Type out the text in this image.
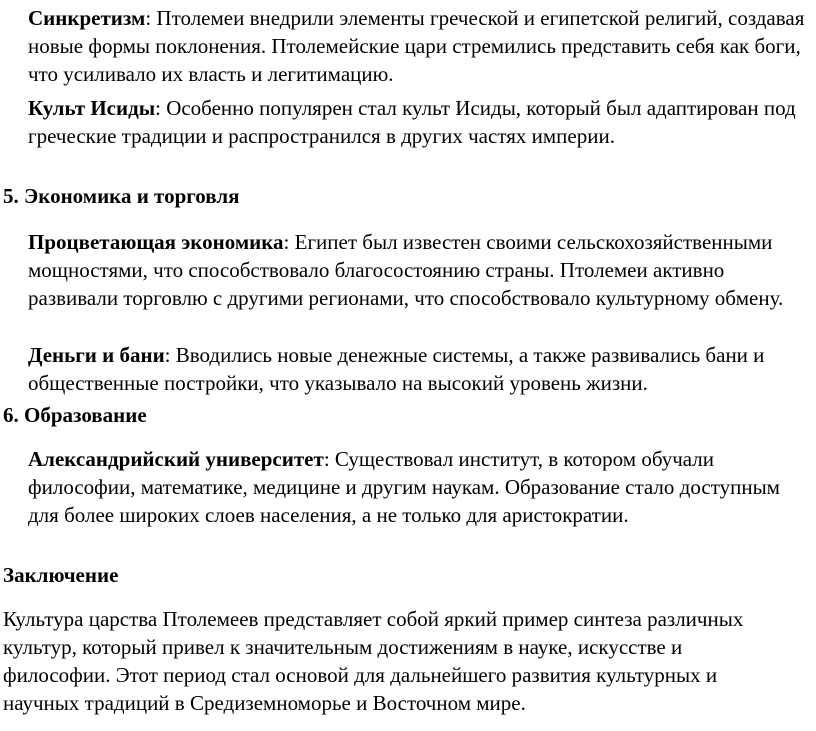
Синкретизм: Птолемеи внедрили элементы греческой и египетской религий, создавая новые формы поклонения. Птолемейские цари стремились представить себя как боги, что усиливало их власть и легитимацию.

Культ Исиды: Особенно популярен стал культ Исиды, который был адаптирован под греческие традиции и распространился в других частях империи.

5. Экономика и торговля

Процветающая экономика: Египет был известен своими сельскохозяйственными мощностями, что способствовало благосостоянию страны. Птолемеи активно развивали торговлю с другими регионами, что способствовало культурному обмену.

Деньги и бани: Вводились новые денежные системы, а также развивались бани и общественные постройки, что указывало на высокий уровень жизни.

6. Образование

Александрийский университет: Существовал институт, в котором обучали философии, математике, медицине и другим наукам. Образование стало доступным для более широких слоев населения, а не только для аристократии.

Заключение

Культура царства Птолемеев представляет собой яркий пример синтеза различных культур, который привел к значительным достижениям в науке, искусстве и философии. Этот период стал основой для дальнейшего развития культурных и научных традиций в Средиземноморье и Восточном мире.
